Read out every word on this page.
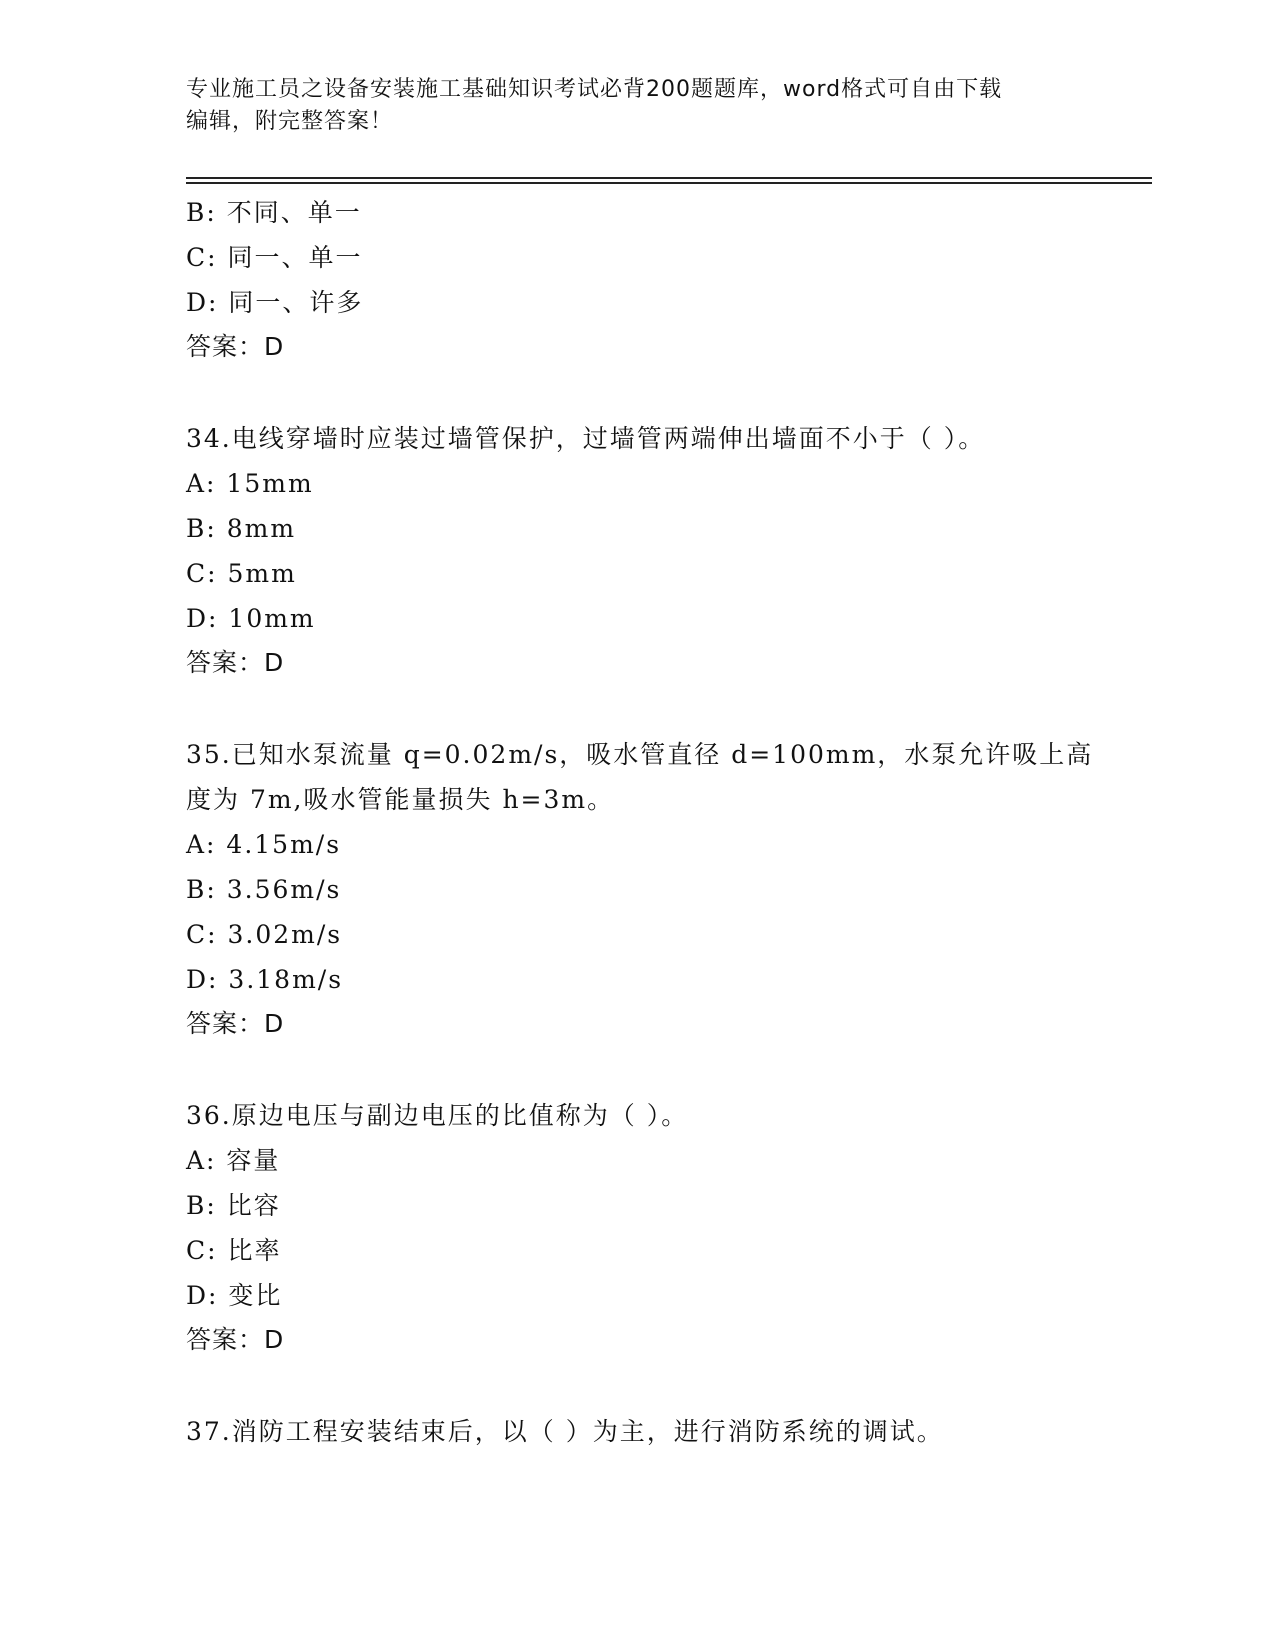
专业施工员之设备安装施工基础知识考试必背200题题库，word格式可自由下载
编辑，附完整答案！
B: 不同、单一
C: 同一、单一
D: 同一、许多
答案：D
34.电线穿墙时应装过墙管保护，过墙管两端伸出墙面不小于（ ）。
A: 15mm
B: 8mm
C: 5mm
D: 10mm
答案：D
35.已知水泵流量 q=0.02m/s，吸水管直径 d=100mm，水泵允许吸上高
度为 7m,吸水管能量损失 h=3m。
A: 4.15m/s
B: 3.56m/s
C: 3.02m/s
D: 3.18m/s
答案：D
36.原边电压与副边电压的比值称为（ ）。
A: 容量
B: 比容
C: 比率
D: 变比
答案：D
37.消防工程安装结束后，以（ ）为主，进行消防系统的调试。
